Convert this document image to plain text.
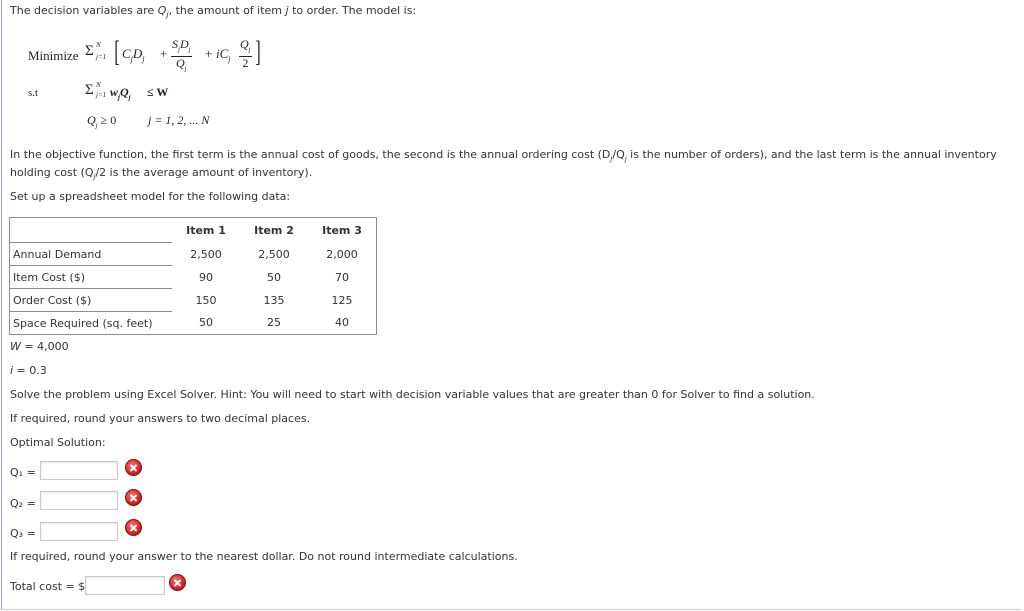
The decision variables are $Q_j$, the amount of item j to order. The model is:
Minimize Σ N
j=1 [ $C_jD_j$ +
$S_jD_j$
$Q_j$
+ $iC_j \frac{Q_j}{2}$ ]
s.t	Σ N
j=1 $w_jQ_j \le W$
$Q_j \ge 0$	j = 1, 2, ... N
In the objective function, the first term is the annual cost of goods, the second is the annual ordering cost ($D_j/Q_j$ is the number of orders), and the last term is the annual inventory
holding cost ($Q_j/2$ is the average amount of inventory).
Set up a spreadsheet model for the following data:
	Item 1	Item 2	Item 3
Annual Demand	2,500	2,500	2,000
Item Cost ($)	90	50	70
Order Cost ($)	150	135	125
Space Required (sq. feet)	50	25	40
W = 4,000
i = 0.3
Solve the problem using Excel Solver. Hint: You will need to start with decision variable values that are greater than 0 for Solver to find a solution.
If required, round your answers to two decimal places.
Optimal Solution:
Q₁ =
Q₂ =
Q₃ =
If required, round your answer to the nearest dollar. Do not round intermediate calculations.
Total cost = $
